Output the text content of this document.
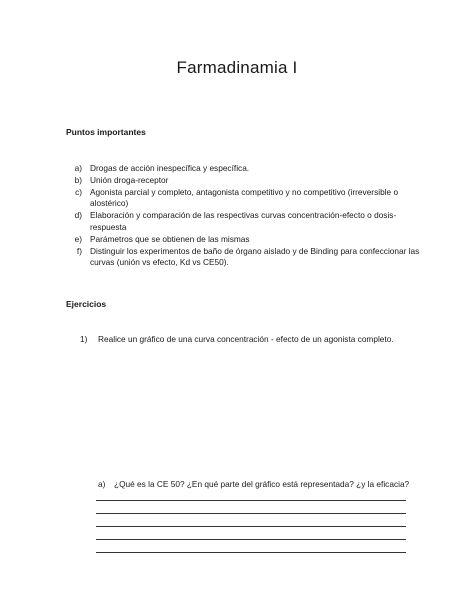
Farmadinamia I
Puntos importantes
a) Drogas de acción inespecífica y específica.
b) Unión droga-receptor
c) Agonista parcial y completo, antagonista competitivo y no competitivo (irreversible o alostérico)
d) Elaboración y comparación de las respectivas curvas concentración-efecto o dosis-respuesta
e) Parámetros que se obtienen de las mismas
f) Distinguir los experimentos de baño de órgano aislado y de Binding para confeccionar las curvas (unión vs efecto, Kd vs CE50).
Ejercicios
1)	Realice un gráfico de una curva concentración - efecto de un agonista completo.
a)	¿Qué es la CE 50? ¿En qué parte del gráfico está representada? ¿y la eficacia?
